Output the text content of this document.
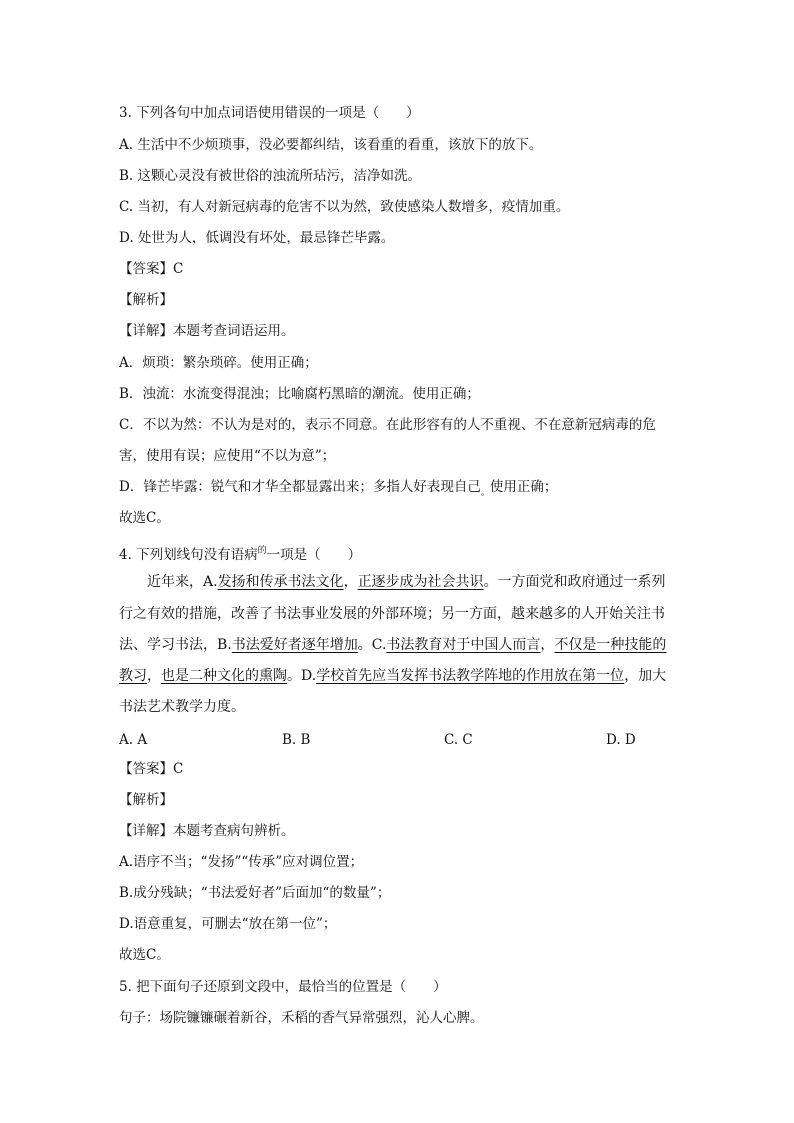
3. 下列各句中加点词语使用错误的一项是（　　）

A. 生活中不少烦琐事，没必要都纠结，该看重的看重，该放下的放下。

B. 这颗心灵没有被世俗的浊流所玷污，洁净如洗。

C. 当初，有人对新冠病毒的危害不以为然，致使感染人数增多，疫情加重。

D. 处世为人，低调没有坏处，最忌锋芒毕露。

【答案】C

【解析】

【详解】本题考查词语运用。

A．烦琐：繁杂琐碎。使用正确；

B．浊流：水流变得混浊；比喻腐朽黑暗的潮流。使用正确；

C．不以为然：不认为是对的，表示不同意。在此形容有的人不重视、不在意新冠病毒的危

害，使用有误；应使用“不以为意”；

D．锋芒毕露：锐气和才华全都显露出来；多指人好表现自己$_。$使用正确；

故选C。

4. 下列划线句没有语病$^的$一项是（　　）

近年来，A.发扬和传承书法文化，正逐步成为社会共识。一方面党和政府通过一系列

行之有效的措施，改善了书法事业发展的外部环境；另一方面，越来越多的人开始关注书

法、学习书法，B.书法爱好者逐年增加。C.书法教育对于中国人而言，不仅是一种技能的

教习，也是二种文化的熏陶。D.学校首先应当发挥书法教学阵地的作用放在第一位，加大

书法艺术教学力度。

A. A	B. B	C. C	D. D

【答案】C

【解析】

【详解】本题考查病句辨析。

A.语序不当；“发扬”“传承”应对调位置；

B.成分残缺；“书法爱好者”后面加“的数量”；

D.语意重复，可删去“放在第一位”；

故选C。

5. 把下面句子还原到文段中，最恰当的位置是（　　）

句子：场院镰镰碾着新谷，禾稻的香气异常强烈，沁人心脾。
